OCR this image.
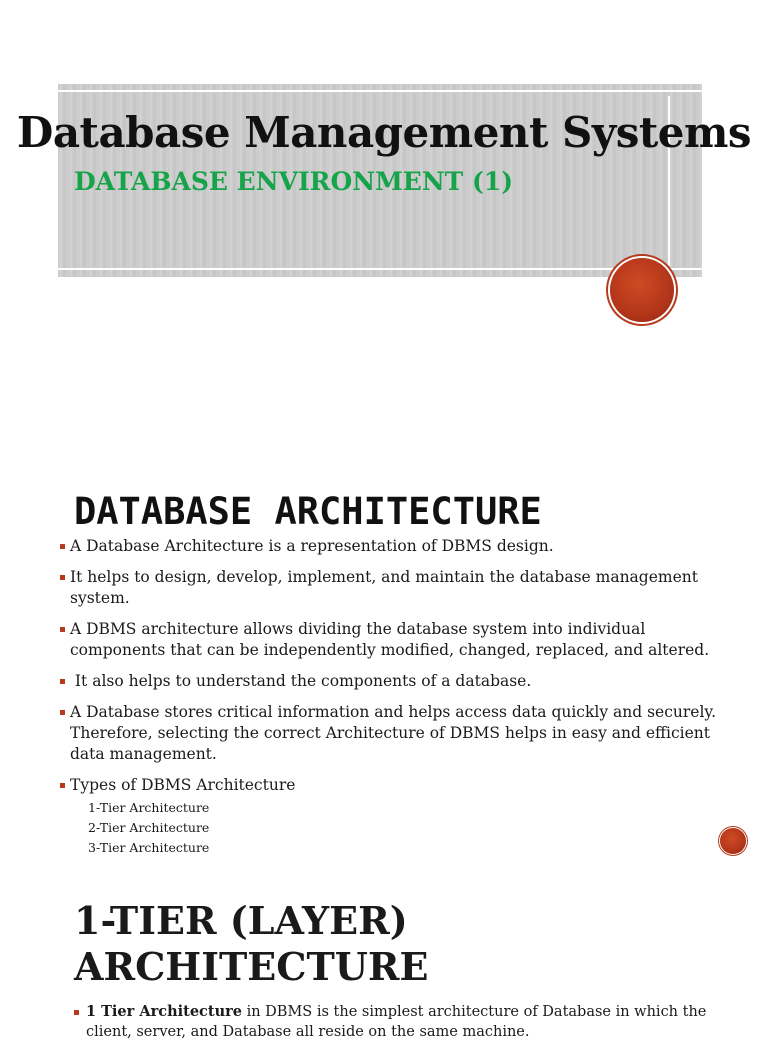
Database Management Systems
DATABASE ENVIRONMENT (1)
DATABASE ARCHITECTURE
A Database Architecture is a representation of DBMS design.
It helps to design, develop, implement, and maintain the database management system.
A DBMS architecture allows dividing the database system into individual components that can be independently modified, changed, replaced, and altered.
It also helps to understand the components of a database.
A Database stores critical information and helps access data quickly and securely. Therefore, selecting the correct Architecture of DBMS helps in easy and efficient data management.
Types of DBMS Architecture
1-Tier Architecture
2-Tier Architecture
3-Tier Architecture
1-TIER (LAYER)
ARCHITECTURE
1 Tier Architecture in DBMS is the simplest architecture of Database in which the client, server, and Database all reside on the same machine.
